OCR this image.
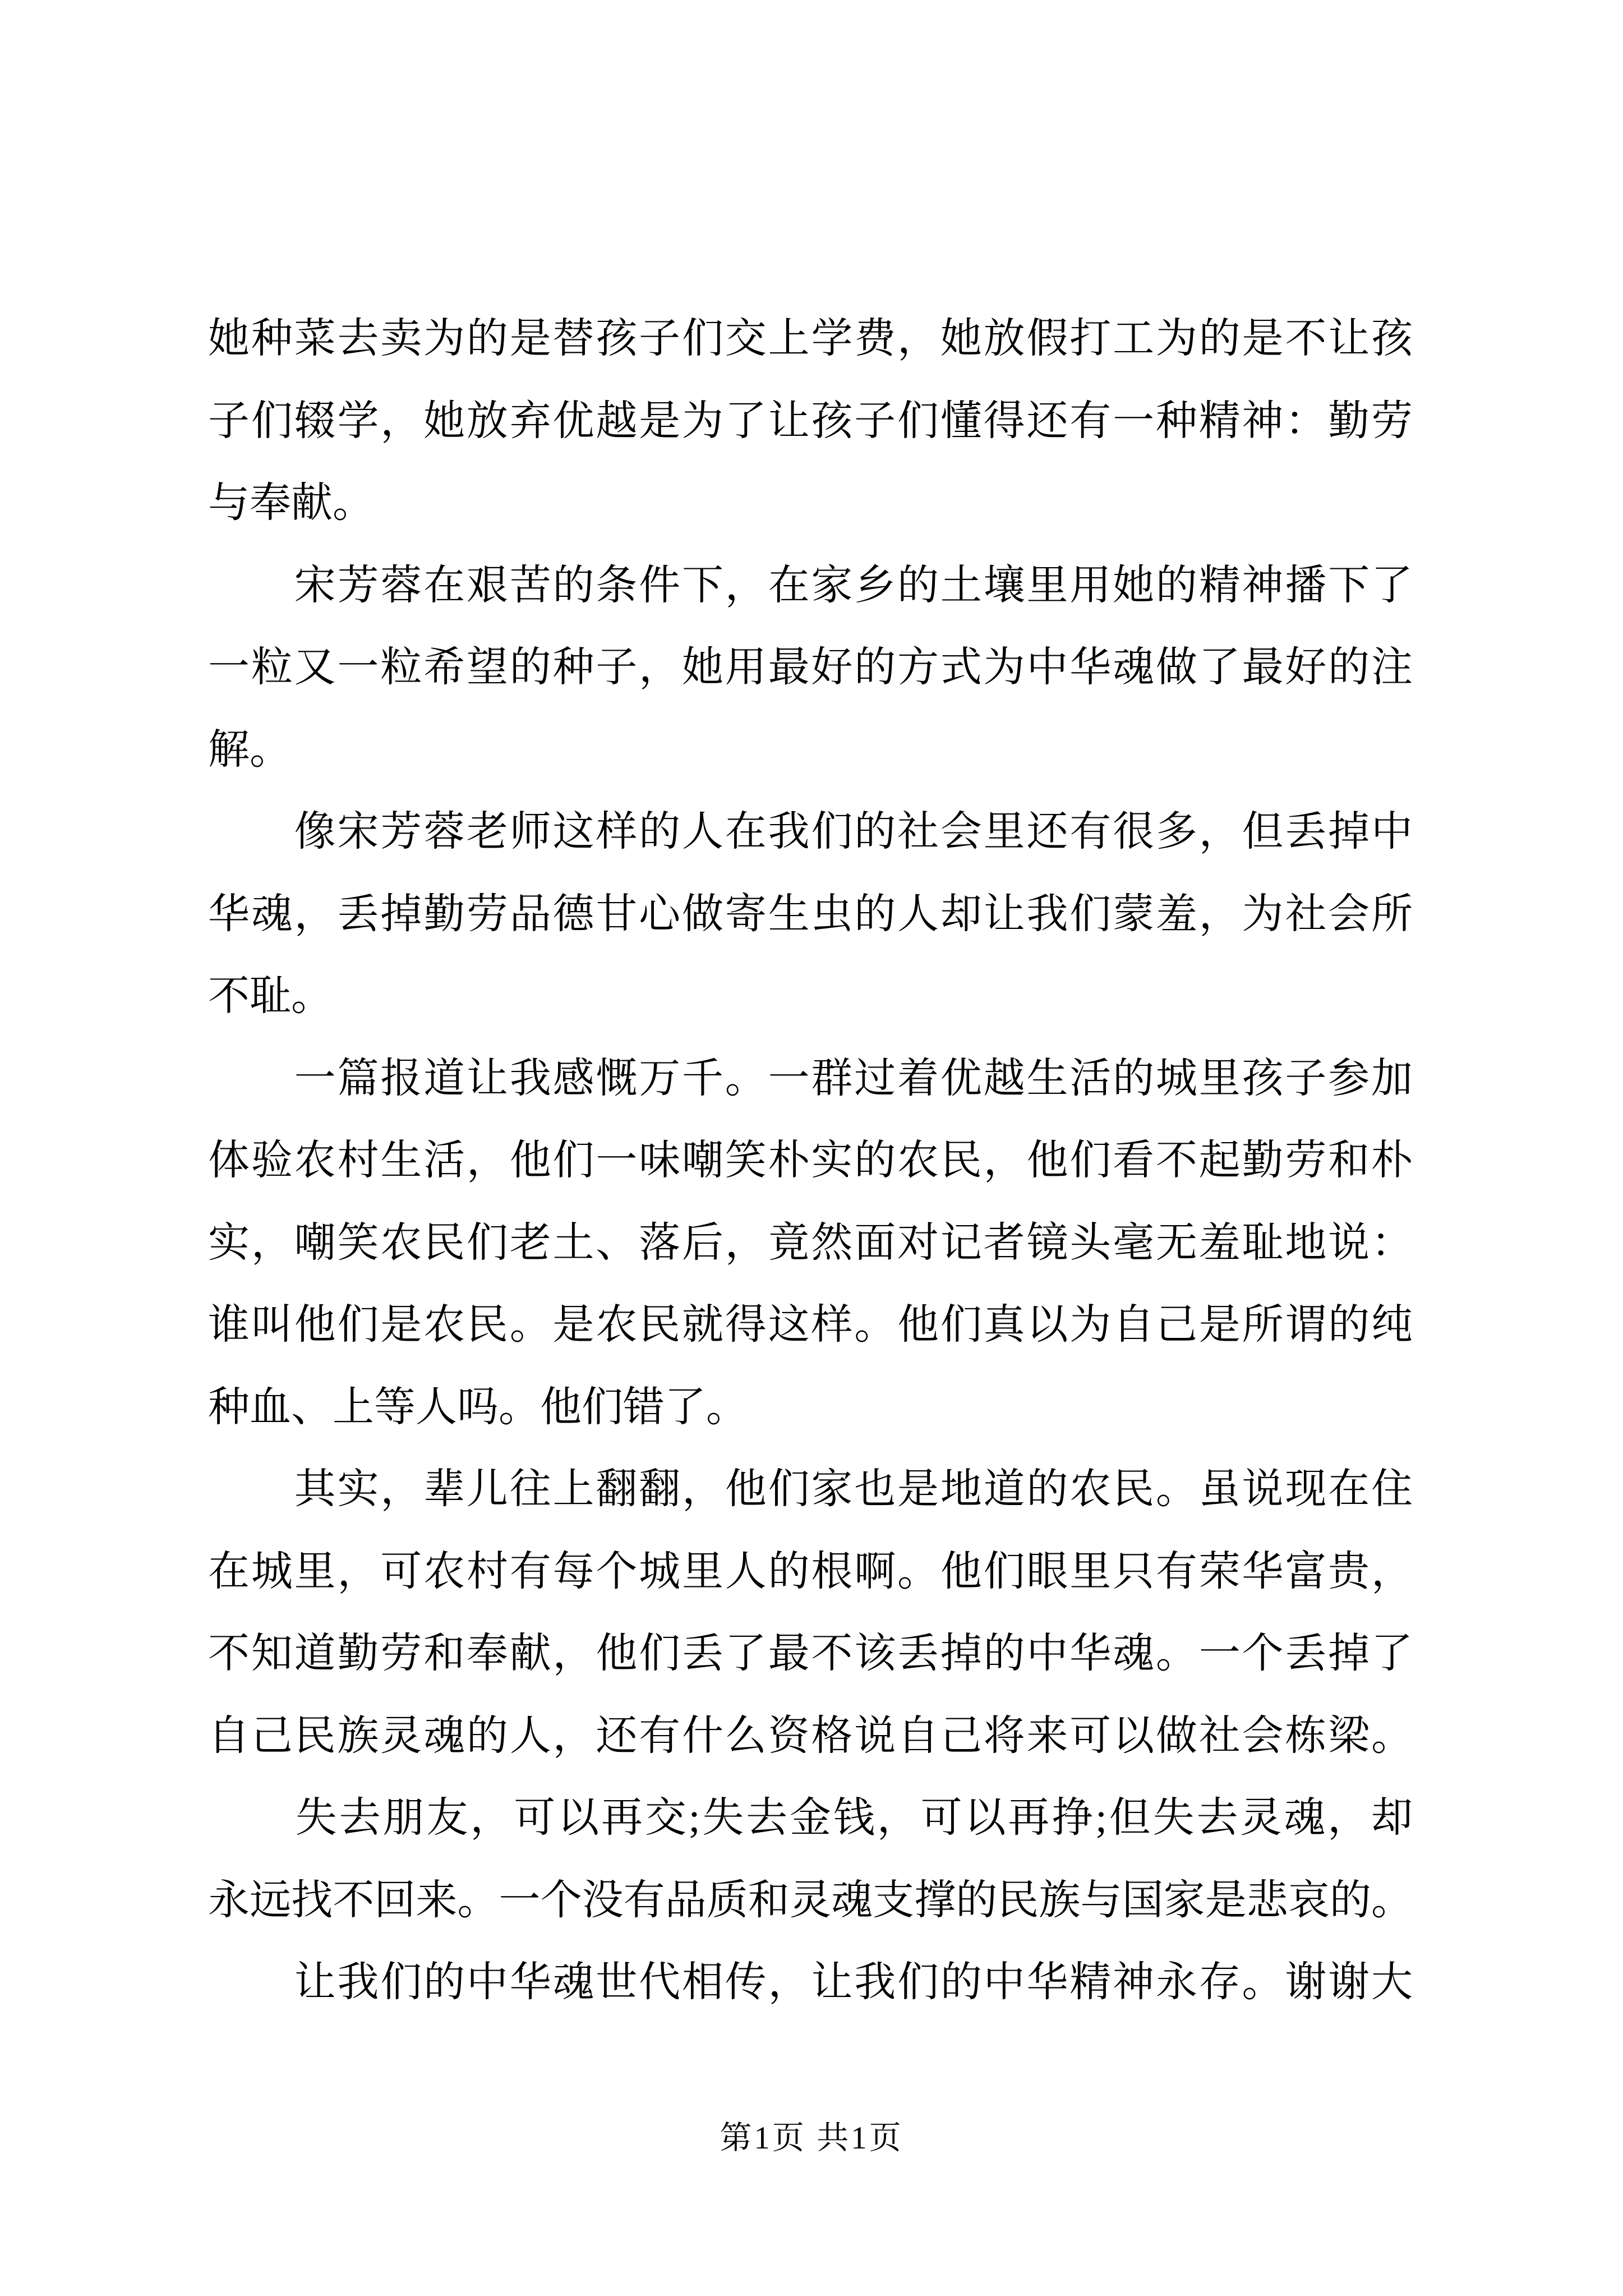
她种菜去卖为的是替孩子们交上学费，她放假打工为的是不让孩
子们辍学，她放弃优越是为了让孩子们懂得还有一种精神：勤劳
与奉献。
　　宋芳蓉在艰苦的条件下，在家乡的土壤里用她的精神播下了
一粒又一粒希望的种子，她用最好的方式为中华魂做了最好的注
解。
　　像宋芳蓉老师这样的人在我们的社会里还有很多，但丢掉中
华魂，丢掉勤劳品德甘心做寄生虫的人却让我们蒙羞，为社会所
不耻。
　　一篇报道让我感慨万千。一群过着优越生活的城里孩子参加
体验农村生活，他们一味嘲笑朴实的农民，他们看不起勤劳和朴
实，嘲笑农民们老土、落后，竟然面对记者镜头毫无羞耻地说：
谁叫他们是农民。是农民就得这样。他们真以为自己是所谓的纯
种血、上等人吗。他们错了。
　　其实，辈儿往上翻翻，他们家也是地道的农民。虽说现在住
在城里，可农村有每个城里人的根啊。他们眼里只有荣华富贵，
不知道勤劳和奉献，他们丢了最不该丢掉的中华魂。一个丢掉了
自己民族灵魂的人，还有什么资格说自己将来可以做社会栋梁。
　　失去朋友，可以再交;失去金钱，可以再挣;但失去灵魂，却
永远找不回来。一个没有品质和灵魂支撑的民族与国家是悲哀的。
　　让我们的中华魂世代相传，让我们的中华精神永存。谢谢大
第1页 共1页
